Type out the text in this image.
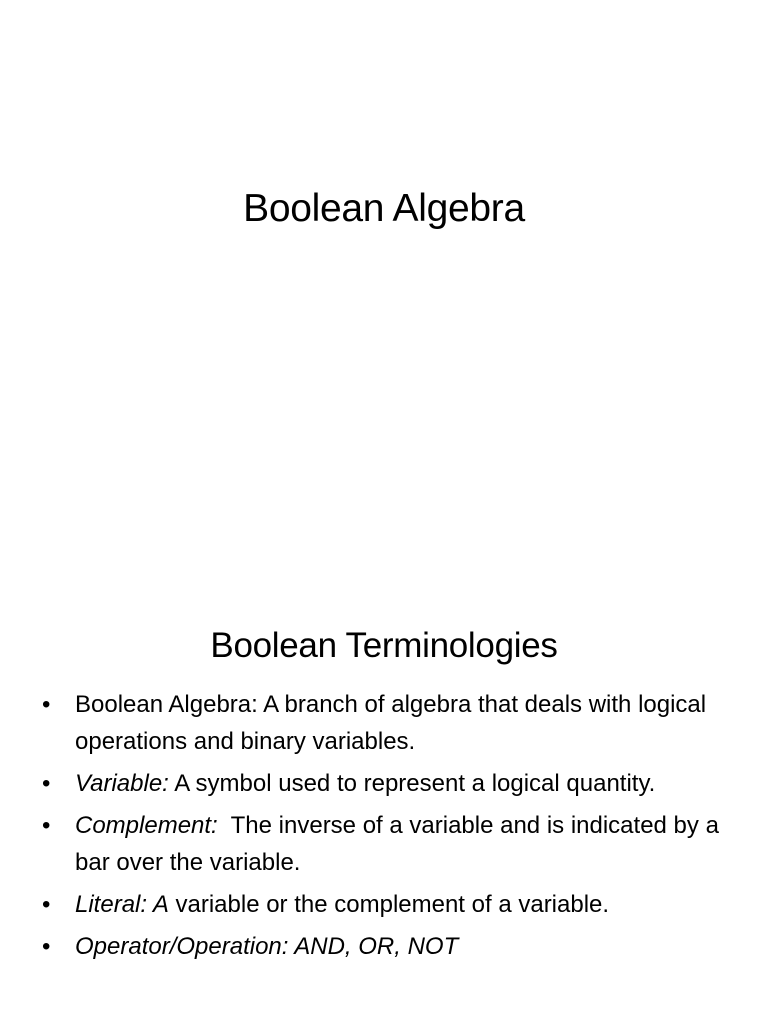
Boolean Algebra
Boolean Terminologies
• Boolean Algebra: A branch of algebra that deals with logical operations and binary variables.
• Variable: A symbol used to represent a logical quantity.
• Complement:  The inverse of a variable and is indicated by a bar over the variable.
• Literal: A variable or the complement of a variable.
• Operator/Operation: AND, OR, NOT
